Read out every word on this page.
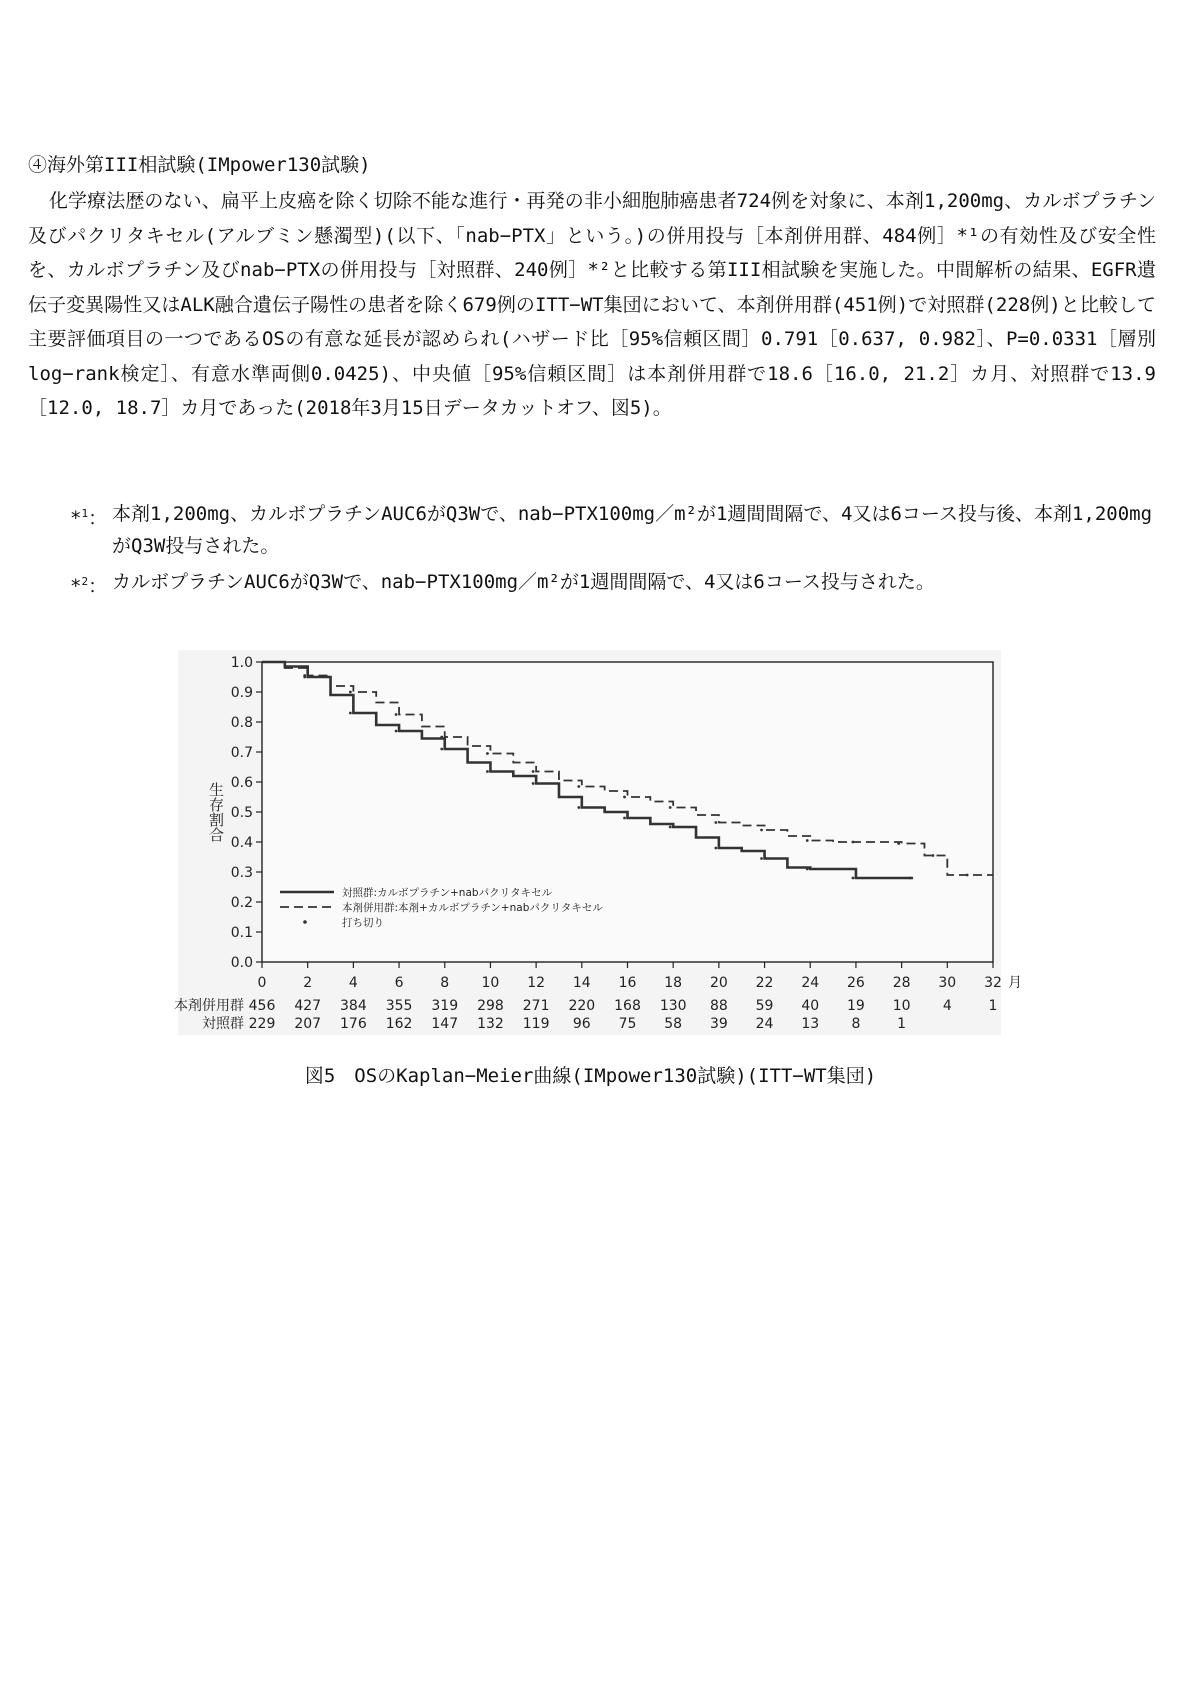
④海外第III相試験(IMpower130試験)

化学療法歴のない、扁平上皮癌を除く切除不能な進行・再発の非小細胞肺癌患者724例を対象に、本剤1,200mg、カルボプラチン及びパクリタキセル(アルブミン懸濁型)(以下、「nab−PTX」という。)の併用投与［本剤併用群、484例］*¹の有効性及び安全性を、カルボプラチン及びnab−PTXの併用投与［対照群、240例］*²と比較する第III相試験を実施した。中間解析の結果、EGFR遺伝子変異陽性又はALK融合遺伝子陽性の患者を除く679例のITT−WT集団において、本剤併用群(451例)で対照群(228例)と比較して主要評価項目の一つであるOSの有意な延長が認められ(ハザード比［95%信頼区間］0.791［0.637, 0.982］、P=0.0331［層別log−rank検定］、有意水準両側0.0425)、中央値［95%信頼区間］は本剤併用群で18.6［16.0, 21.2］カ月、対照群で13.9［12.0, 18.7］カ月であった(2018年3月15日データカットオフ、図5)。

*$^1$： 本剤1,200mg、カルボプラチンAUC6がQ3Wで、nab−PTX100mg／m²が1週間間隔で、4又は6コース投与後、本剤1,200mgがQ3W投与された。
*$^2$： カルボプラチンAUC6がQ3Wで、nab−PTX100mg／m²が1週間間隔で、4又は6コース投与された。
0.0
0.1
0.2
0.3
0.4
0.5
0.6
0.7
0.8
0.9
1.0
0	2	4	6	8 10 12 14 16 18 20 22 24 26 28 30 32 月
生存割合
対照群:カルボプラチン+nabパクリタキセル
本剤併用群:本剤+カルボプラチン+nabパクリタキセル
打ち切り
本剤併用群 456 427 384 355 319 298 271 220 168 130 88 59 40 19 10 4	1
対照群 229 207 176 162 147 132 119 96 75 58 39 24 13 8	1
図5　OSのKaplan−Meier曲線(IMpower130試験)(ITT−WT集団)
